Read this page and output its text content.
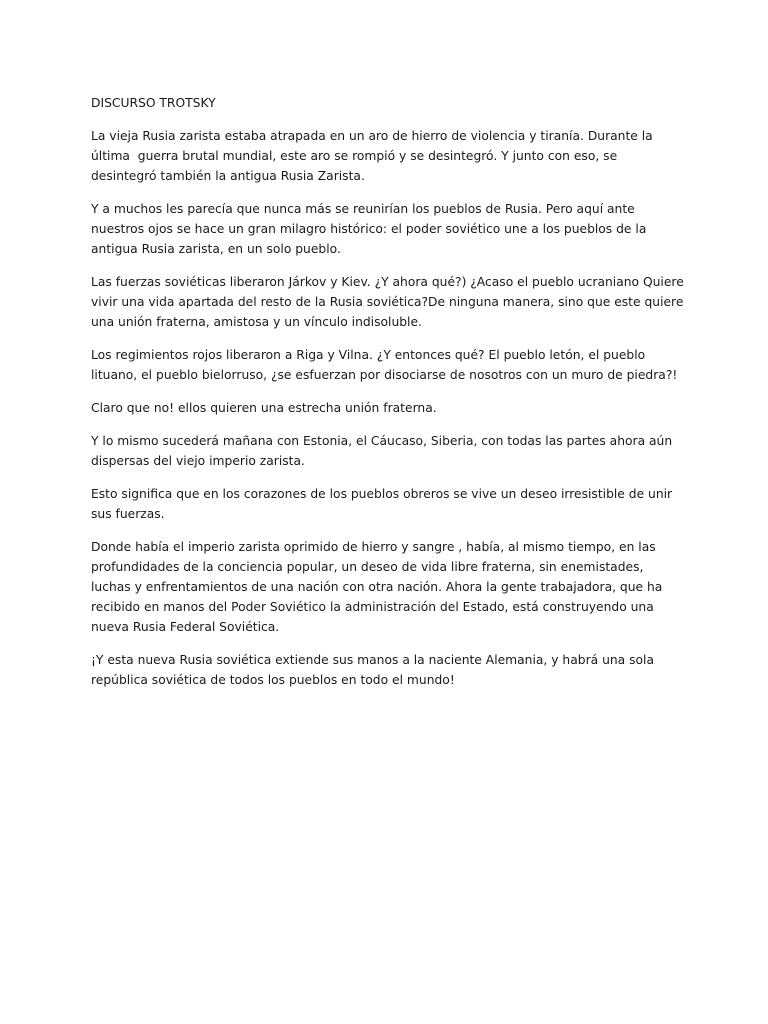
DISCURSO TROTSKY

La vieja Rusia zarista estaba atrapada en un aro de hierro de violencia y tiranía. Durante la última  guerra brutal mundial, este aro se rompió y se desintegró. Y junto con eso, se desintegró también la antigua Rusia Zarista.

Y a muchos les parecía que nunca más se reunirían los pueblos de Rusia. Pero aquí ante nuestros ojos se hace un gran milagro histórico: el poder soviético une a los pueblos de la antigua Rusia zarista, en un solo pueblo.

Las fuerzas soviéticas liberaron Járkov y Kiev. ¿Y ahora qué?) ¿Acaso el pueblo ucraniano Quiere vivir una vida apartada del resto de la Rusia soviética?De ninguna manera, sino que este quiere una unión fraterna, amistosa y un vínculo indisoluble.

Los regimientos rojos liberaron a Riga y Vilna. ¿Y entonces qué? El pueblo letón, el pueblo lituano, el pueblo bielorruso, ¿se esfuerzan por disociarse de nosotros con un muro de piedra?!

Claro que no! ellos quieren una estrecha unión fraterna.

Y lo mismo sucederá mañana con Estonia, el Cáucaso, Siberia, con todas las partes ahora aún dispersas del viejo imperio zarista.

Esto significa que en los corazones de los pueblos obreros se vive un deseo irresistible de unir sus fuerzas.

Donde había el imperio zarista oprimido de hierro y sangre , había, al mismo tiempo, en las profundidades de la conciencia popular, un deseo de vida libre fraterna, sin enemistades, luchas y enfrentamientos de una nación con otra nación. Ahora la gente trabajadora, que ha recibido en manos del Poder Soviético la administración del Estado, está construyendo una nueva Rusia Federal Soviética.

¡Y esta nueva Rusia soviética extiende sus manos a la naciente Alemania, y habrá una sola república soviética de todos los pueblos en todo el mundo!
